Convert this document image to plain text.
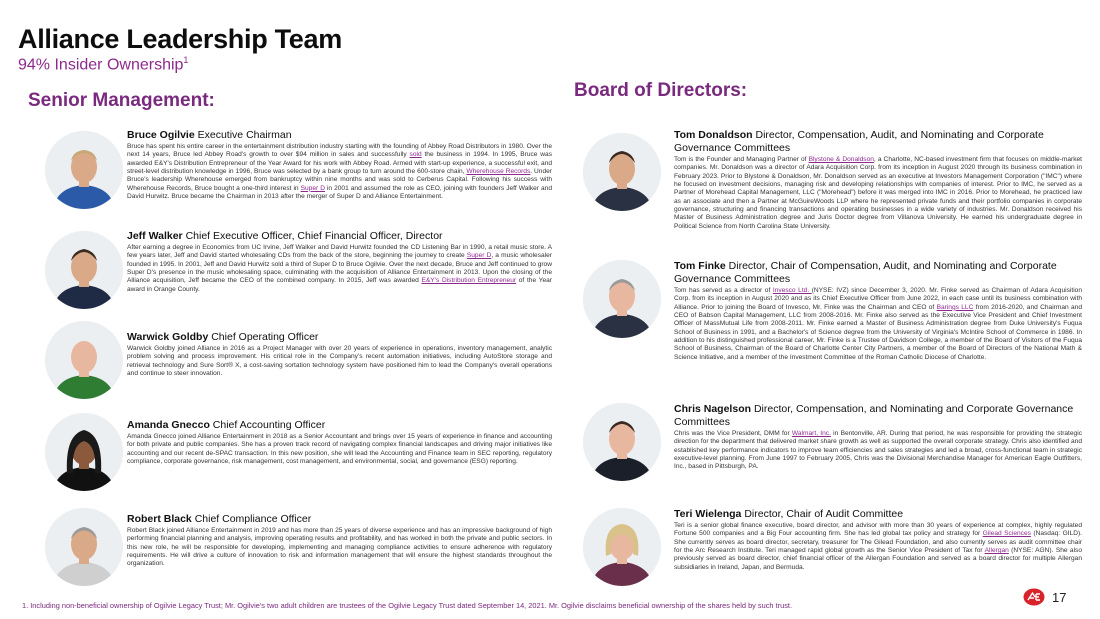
Alliance Leadership Team
94% Insider Ownership$^1$
Senior Management:	Board of Directors:
Bruce Ogilvie Executive Chairman
Bruce has spent his entire career in the entertainment distribution industry starting with the founding of Abbey Road Distributors in 1980. Over the next 14 years, Bruce led Abbey Road's growth to over $94 million in sales and successfully sold the business in 1994. In 1995, Bruce was awarded E&Y's Distribution Entrepreneur of the Year Award for his work with Abbey Road. Armed with start-up experience, a successful exit, and street-level distribution knowledge in 1996, Bruce was selected by a bank group to turn around the 600-store chain, Wherehouse Records. Under Bruce's leadership Wherehouse emerged from bankruptcy within nine months and was sold to Cerberus Capital. Following his success with Wherehouse Records, Bruce bought a one-third interest in Super D in 2001 and assumed the role as CEO, joining with founders Jeff Walker and David Hurwitz. Bruce became the Chairman in 2013 after the merger of Super D and Alliance Entertainment.
Jeff Walker Chief Executive Officer, Chief Financial Officer, Director
After earning a degree in Economics from UC Irvine, Jeff Walker and David Hurwitz founded the CD Listening Bar in 1990, a retail music store. A few years later, Jeff and David started wholesaling CDs from the back of the store, beginning the journey to create Super D, a music wholesaler founded in 1995. In 2001, Jeff and David Hurwitz sold a third of Super D to Bruce Ogilvie. Over the next decade, Bruce and Jeff continued to grow Super D's presence in the music wholesaling space, culminating with the acquisition of Alliance Entertainment in 2013. Upon the closing of the Alliance acquisition, Jeff became the CEO of the combined company. In 2015, Jeff was awarded E&Y's Distribution Entrepreneur of the Year award in Orange County.
Warwick Goldby Chief Operating Officer
Warwick Goldby joined Alliance in 2016 as a Project Manager with over 20 years of experience in operations, inventory management, analytic problem solving and process improvement. His critical role in the Company's recent automation initiatives, including AutoStore storage and retrieval technology and Sure Sort® X, a cost-saving sortation technology system have positioned him to lead the Company's overall operations and continue to steer innovation.
Amanda Gnecco Chief Accounting Officer
Amanda Gnecco joined Alliance Entertainment in 2018 as a Senior Accountant and brings over 15 years of experience in finance and accounting for both private and public companies. She has a proven track record of navigating complex financial landscapes and driving major initiatives like accounting and our recent de-SPAC transaction. In this new position, she will lead the Accounting and Finance team in SEC reporting, regulatory compliance, corporate governance, risk management, cost management, and environmental, social, and governance (ESG) reporting.
Robert Black Chief Compliance Officer
Robert Black joined Alliance Entertainment in 2019 and has more than 25 years of diverse experience and has an impressive background of high performing financial planning and analysis, improving operating results and profitability, and has worked in both the private and public sectors. In this new role, he will be responsible for developing, implementing and managing compliance activities to ensure adherence with regulatory requirements. He will drive a culture of innovation to risk and information management that will ensure the highest standards throughout the organization.
Tom Donaldson Director, Compensation, Audit, and Nominating and Corporate Governance Committees
Tom is the Founder and Managing Partner of Blystone & Donaldson, a Charlotte, NC-based investment firm that focuses on middle-market companies. Mr. Donaldson was a director of Adara Acquisition Corp. from its inception in August 2020 through its business combination in February 2023. Prior to Blystone & Donaldson, Mr. Donaldson served as an executive at Investors Management Corporation ("IMC") where he focused on investment decisions, managing risk and developing relationships with companies of interest. Prior to IMC, he served as a Partner of Morehead Capital Management, LLC ("Morehead") before it was merged into IMC in 2016. Prior to Morehead, he practiced law as an associate and then a Partner at McGuireWoods LLP where he represented private funds and their portfolio companies in corporate governance, structuring and financing transactions and operating businesses in a wide variety of industries. Mr. Donaldson received his Master of Business Administration degree and Juris Doctor degree from Villanova University. He earned his undergraduate degree in Political Science from North Carolina State University.
Tom Finke Director, Chair of Compensation, Audit, and Nominating and Corporate Governance Committees
Tom has served as a director of Invesco Ltd. (NYSE: IVZ) since December 3, 2020. Mr. Finke served as Chairman of Adara Acquisition Corp. from its inception in August 2020 and as its Chief Executive Officer from June 2022, in each case until its business combination with Alliance. Prior to joining the Board of Invesco, Mr. Finke was the Chairman and CEO of Barings LLC from 2016-2020, and Chairman and CEO of Babson Capital Management, LLC from 2008-2016. Mr. Finke also served as the Executive Vice President and Chief Investment Officer of MassMutual Life from 2008-2011. Mr. Finke earned a Master of Business Administration degree from Duke University's Fuqua School of Business in 1991, and a Bachelor's of Science degree from the University of Virginia's McIntire School of Commerce in 1986. In addition to his distinguished professional career, Mr. Finke is a Trustee of Davidson College, a member of the Board of Visitors of the Fuqua School of Business, Chairman of the Board of Charlotte Center City Partners, a member of the Board of Directors of the National Math & Science Initiative, and a member of the Investment Committee of the Roman Catholic Diocese of Charlotte.
Chris Nagelson Director, Compensation, and Nominating and Corporate Governance Committees
Chris was the Vice President, DMM for Walmart, Inc. in Bentonville, AR. During that period, he was responsible for providing the strategic direction for the department that delivered market share growth as well as supported the overall corporate strategy. Chris also identified and established key performance indicators to improve team efficiencies and sales strategies and led a broad, cross-functional team in strategic executive-level planning. From June 1997 to February 2005, Chris was the Divisional Merchandise Manager for American Eagle Outfitters, Inc., based in Pittsburgh, PA.
Teri Wielenga Director, Chair of Audit Committee
Teri is a senior global finance executive, board director, and advisor with more than 30 years of experience at complex, highly regulated Fortune 500 companies and a Big Four accounting firm. She has led global tax policy and strategy for Gilead Sciences (Nasdaq: GILD). She currently serves as board director, secretary, treasurer for The Gilead Foundation, and also currently serves as audit committee chair for the Arc Research Institute. Teri managed rapid global growth as the Senior Vice President of Tax for Allergan (NYSE: AGN). She also previously served as board director, chief financial officer of the Allergan Foundation and served as a board director for multiple Allergan subsidiaries in Ireland, Japan, and Bermuda.
1. Including non-beneficial ownership of Ogilvie Legacy Trust; Mr. Ogilvie's two adult children are trustees of the Ogilvie Legacy Trust dated September 14, 2021. Mr. Ogilvie disclaims beneficial ownership of the shares held by such trust.
17
